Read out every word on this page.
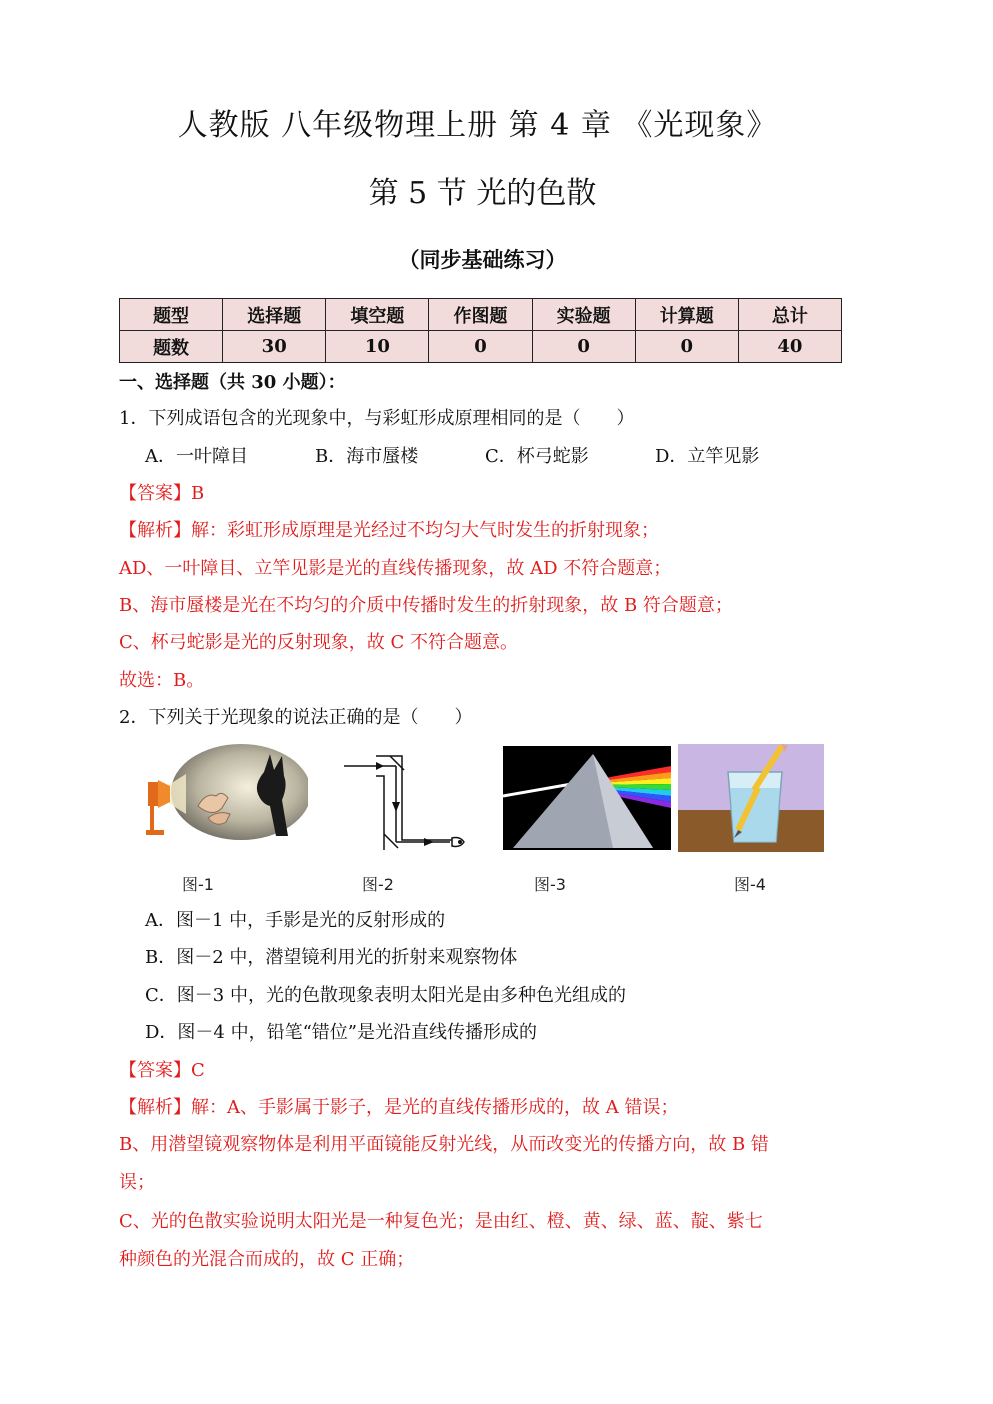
人教版 八年级物理上册 第 4 章 《光现象》
第 5 节 光的色散
（同步基础练习）
题型	选择题	填空题	作图题	实验题	计算题	总计
题数	30	10	0	0	0	40
一、选择题（共 30 小题）：
1．下列成语包含的光现象中，与彩虹形成原理相同的是（　　）
A．一叶障目	B．海市蜃楼	C．杯弓蛇影	D．立竿见影
【答案】B
【解析】解：彩虹形成原理是光经过不均匀大气时发生的折射现象；
AD、一叶障目、立竿见影是光的直线传播现象，故 AD 不符合题意；
B、海市蜃楼是光在不均匀的介质中传播时发生的折射现象，故 B 符合题意；
C、杯弓蛇影是光的反射现象，故 C 不符合题意。
故选：B。
2．下列关于光现象的说法正确的是（　　）
图-1	图-2	图-3	图-4
A．图－1 中，手影是光的反射形成的
B．图－2 中，潜望镜利用光的折射来观察物体
C．图－3 中，光的色散现象表明太阳光是由多种色光组成的
D．图－4 中，铅笔“错位”是光沿直线传播形成的
【答案】C
【解析】解：A、手影属于影子，是光的直线传播形成的，故 A 错误；
B、用潜望镜观察物体是利用平面镜能反射光线，从而改变光的传播方向，故 B 错
误；
C、光的色散实验说明太阳光是一种复色光；是由红、橙、黄、绿、蓝、靛、紫七
种颜色的光混合而成的，故 C 正确；
